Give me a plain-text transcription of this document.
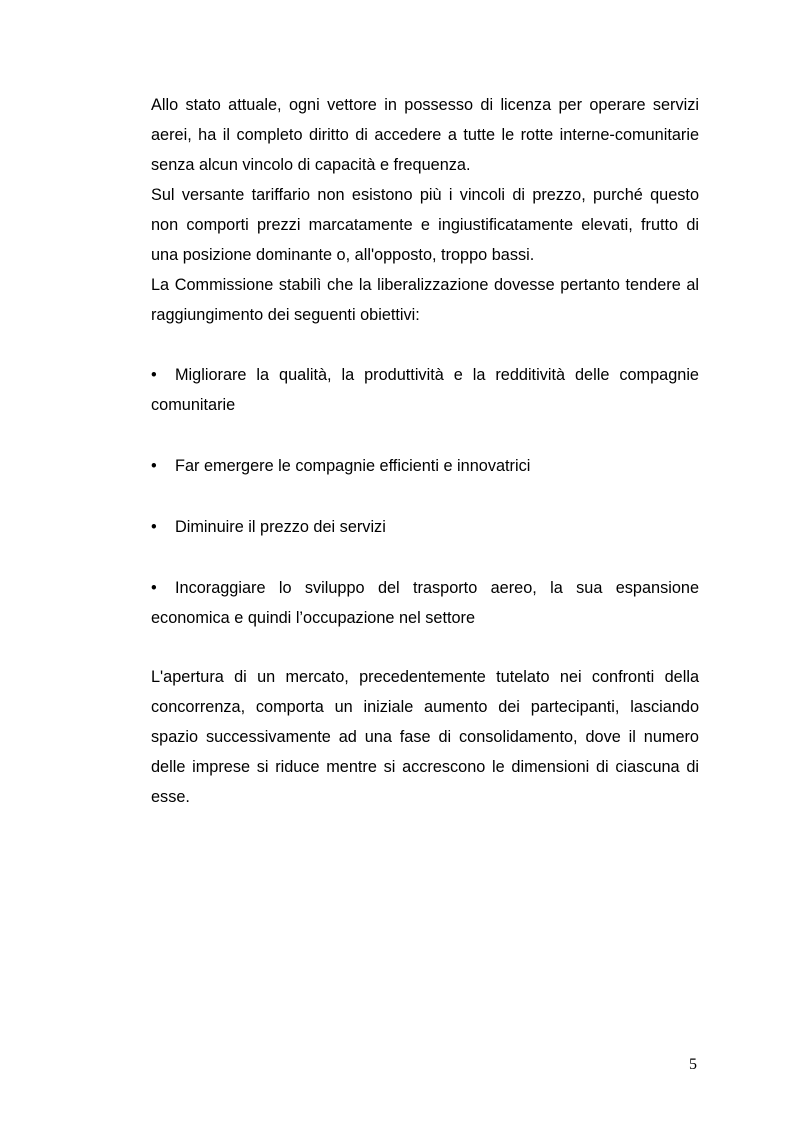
Allo stato attuale, ogni vettore in possesso di licenza per operare servizi aerei, ha il completo diritto di accedere a tutte le rotte interne-comunitarie senza alcun vincolo di capacità e frequenza.

Sul versante tariffario non esistono più i vincoli di prezzo, purché questo non comporti prezzi marcatamente e ingiustificatamente elevati, frutto di una posizione dominante o, all'opposto, troppo bassi.

La Commissione stabilì che la liberalizzazione dovesse pertanto tendere al raggiungimento dei seguenti obiettivi:

• Migliorare la qualità, la produttività e la redditività delle compagnie comunitarie
• Far emergere le compagnie efficienti e innovatrici
• Diminuire il prezzo dei servizi
• Incoraggiare lo sviluppo del trasporto aereo, la sua espansione economica e quindi l’occupazione nel settore

L'apertura di un mercato, precedentemente tutelato nei confronti della concorrenza, comporta un iniziale aumento dei partecipanti, lasciando spazio successivamente ad una fase di consolidamento, dove il numero delle imprese si riduce mentre si accrescono le dimensioni di ciascuna di esse.

5
